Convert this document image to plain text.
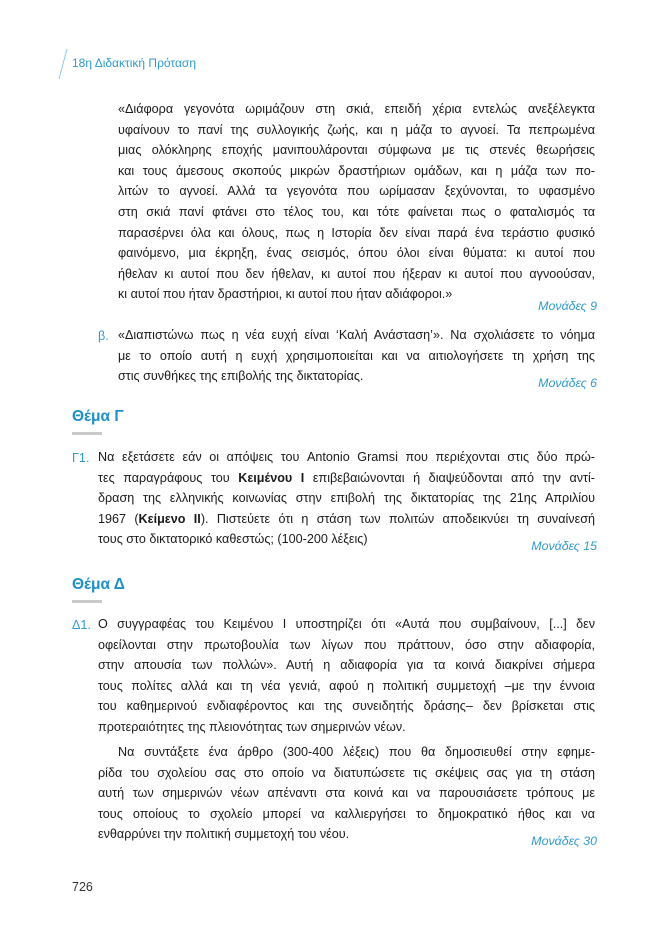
18η Διδακτική Πρόταση
«Διάφορα γεγονότα ωριμάζουν στη σκιά, επειδή χέρια εντελώς ανεξέλεγκτα
υφαίνουν το πανί της συλλογικής ζωής, και η μάζα το αγνοεί. Τα πεπρωμένα
μιας ολόκληρης εποχής μανιπουλάρονται σύμφωνα με τις στενές θεωρήσεις
και τους άμεσους σκοπούς μικρών δραστήριων ομάδων, και η μάζα των πο-
λιτών το αγνοεί. Αλλά τα γεγονότα που ωρίμασαν ξεχύνονται, το υφασμένο
στη σκιά πανί φτάνει στο τέλος του, και τότε φαίνεται πως ο φαταλισμός τα
παρασέρνει όλα και όλους, πως η Ιστορία δεν είναι παρά ένα τεράστιο φυσικό
φαινόμενο, μια έκρηξη, ένας σεισμός, όπου όλοι είναι θύματα: κι αυτοί που
ήθελαν κι αυτοί που δεν ήθελαν, κι αυτοί που ήξεραν κι αυτοί που αγνοούσαν,
κι αυτοί που ήταν δραστήριοι, κι αυτοί που ήταν αδιάφοροι.»
Μονάδες 9
β. «Διαπιστώνω πως η νέα ευχή είναι ‘Καλή Ανάσταση’». Να σχολιάσετε το νόημα
με το οποίο αυτή η ευχή χρησιμοποιείται και να αιτιολογήσετε τη χρήση της
στις συνθήκες της επιβολής της δικτατορίας.	Μονάδες 6
Θέμα Γ
Γ1. Να εξετάσετε εάν οι απόψεις του Antonio Gramsi που περιέχονται στις δύο πρώ-
τες παραγράφους του Κειμένου Ι επιβεβαιώνονται ή διαψεύδονται από την αντί-
δραση της ελληνικής κοινωνίας στην επιβολή της δικτατορίας της 21ης Απριλίου
1967 (Κείμενο ΙΙ). Πιστεύετε ότι η στάση των πολιτών αποδεικνύει τη συναίνεσή
τους στο δικτατορικό καθεστώς; (100-200 λέξεις)	Μονάδες 15
Θέμα Δ
Δ1. Ο συγγραφέας του Κειμένου Ι υποστηρίζει ότι «Αυτά που συμβαίνουν, [...] δεν
οφείλονται στην πρωτοβουλία των λίγων που πράττουν, όσο στην αδιαφορία,
στην απουσία των πολλών». Αυτή η αδιαφορία για τα κοινά διακρίνει σήμερα
τους πολίτες αλλά και τη νέα γενιά, αφού η πολιτική συμμετοχή –με την έννοια
του καθημερινού ενδιαφέροντος και της συνειδητής δράσης– δεν βρίσκεται στις
προτεραιότητες της πλειονότητας των σημερινών νέων.
Να συντάξετε ένα άρθρο (300-400 λέξεις) που θα δημοσιευθεί στην εφημε-
ρίδα του σχολείου σας στο οποίο να διατυπώσετε τις σκέψεις σας για τη στάση
αυτή των σημερινών νέων απέναντι στα κοινά και να παρουσιάσετε τρόπους με
τους οποίους το σχολείο μπορεί να καλλιεργήσει το δημοκρατικό ήθος και να
ενθαρρύνει την πολιτική συμμετοχή του νέου.	Μονάδες 30
726
